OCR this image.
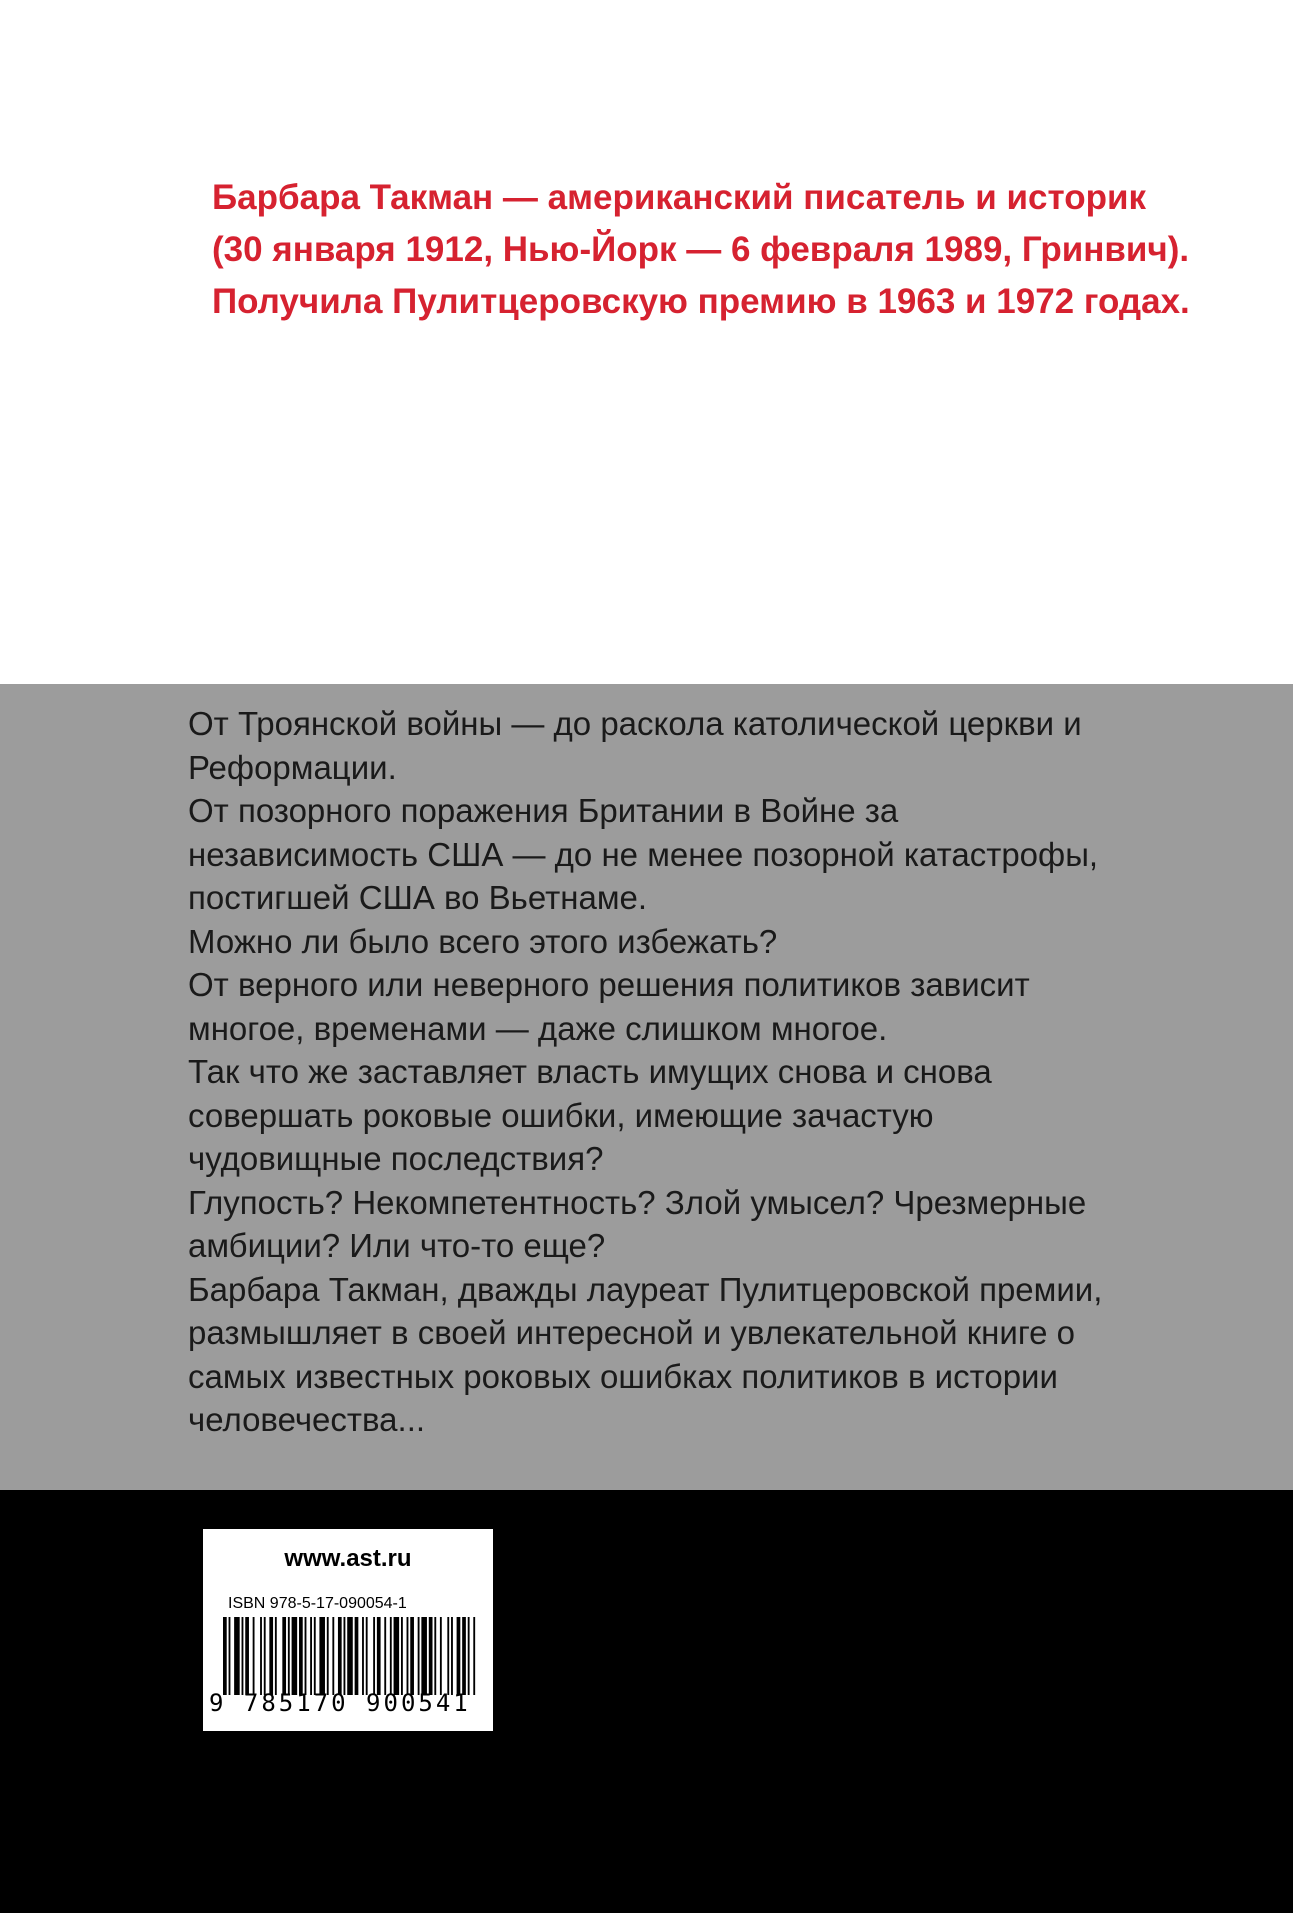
Барбара Такман — американский писатель и историк
(30 января 1912, Нью-Йорк — 6 февраля 1989, Гринвич).
Получила Пулитцеровскую премию в 1963 и 1972 годах.

От Троянской войны — до раскола католической церкви и
Реформации.
От позорного поражения Британии в Войне за
независимость США — до не менее позорной катастрофы,
постигшей США во Вьетнаме.
Можно ли было всего этого избежать?
От верного или неверного решения политиков зависит
многое, временами — даже слишком многое.
Так что же заставляет власть имущих снова и снова
совершать роковые ошибки, имеющие зачастую
чудовищные последствия?
Глупость? Некомпетентность? Злой умысел? Чрезмерные
амбиции? Или что-то еще?
Барбара Такман, дважды лауреат Пулитцеровской премии,
размышляет в своей интересной и увлекательной книге о
самых известных роковых ошибках политиков в истории
человечества...

www.ast.ru
ISBN 978-5-17-090054-1
9 785170 900541
